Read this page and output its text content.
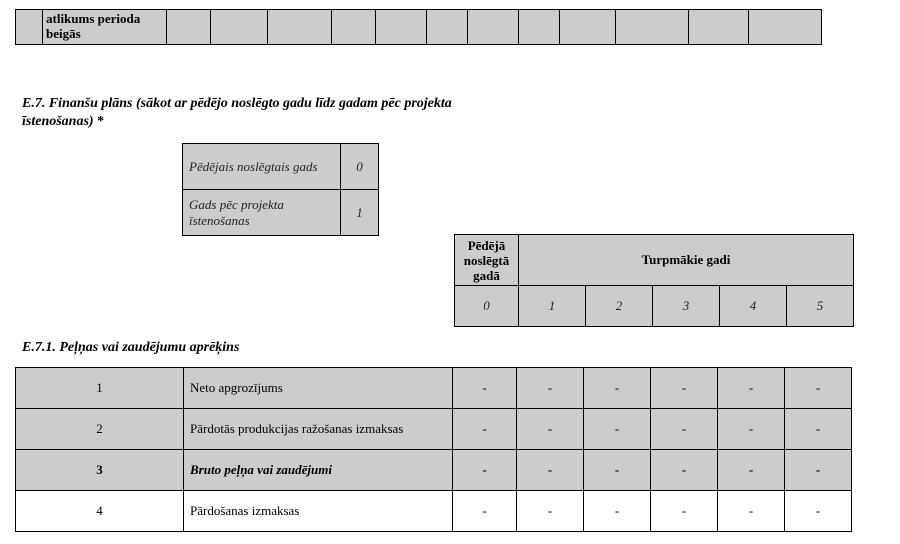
	atlikums perioda beigās												
E.7. Finanšu plāns (sākot ar pēdējo noslēgto gadu līdz gadam pēc projekta īstenošanas) *
Pēdējais noslēgtais gads	0
Gads pēc projekta īstenošanas	1
Pēdējā noslēgtā gadā	Turpmākie gadi				
0	1	2	3	4	5
E.7.1. Peļņas vai zaudējumu aprēķins
1	Neto apgrozījums	-	-	-	-	-	-
2	Pārdotās produkcijas ražošanas izmaksas	-	-	-	-	-	-
3	Bruto peļņa vai zaudējumi	-	-	-	-	-	-
4	Pārdošanas izmaksas	-	-	-	-	-	-
